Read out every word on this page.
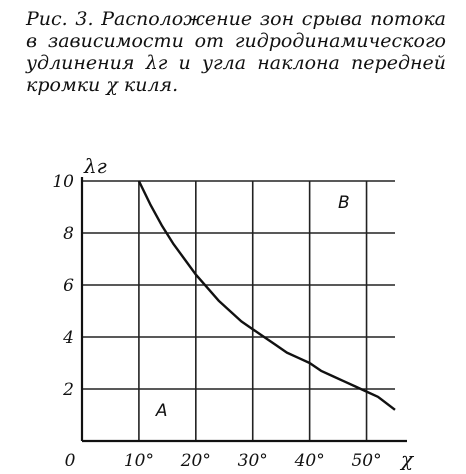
Рис. 3. Расположение зон срыва потока в зависимости от гидродинамического удлинения λг и угла наклона передней кромки χ киля.

2
4
6
8
10
0	10° 20° 30° 40° 50°
λг
χ
A
B
